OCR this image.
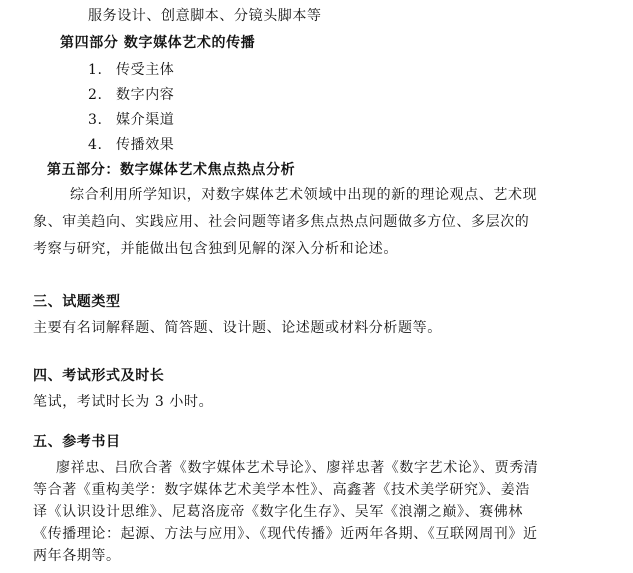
服务设计、创意脚本、分镜头脚本等
第四部分 数字媒体艺术的传播
1. 传受主体
2. 数字内容
3. 媒介渠道
4. 传播效果
第五部分：数字媒体艺术焦点热点分析
综合利用所学知识，对数字媒体艺术领域中出现的新的理论观点、艺术现
象、审美趋向、实践应用、社会问题等诸多焦点热点问题做多方位、多层次的
考察与研究，并能做出包含独到见解的深入分析和论述。
三、试题类型
主要有名词解释题、简答题、设计题、论述题或材料分析题等。
四、考试形式及时长
笔试，考试时长为 3 小时。
五、参考书目
廖祥忠、吕欣合著《数字媒体艺术导论》、廖祥忠著《数字艺术论》、贾秀清
等合著《重构美学：数字媒体艺术美学本性》、高鑫著《技术美学研究》、姜浩
译《认识设计思维》、尼葛洛庞帝《数字化生存》、吴军《浪潮之巅》、赛佛林
《传播理论：起源、方法与应用》、《现代传播》近两年各期、《互联网周刊》近
两年各期等。
